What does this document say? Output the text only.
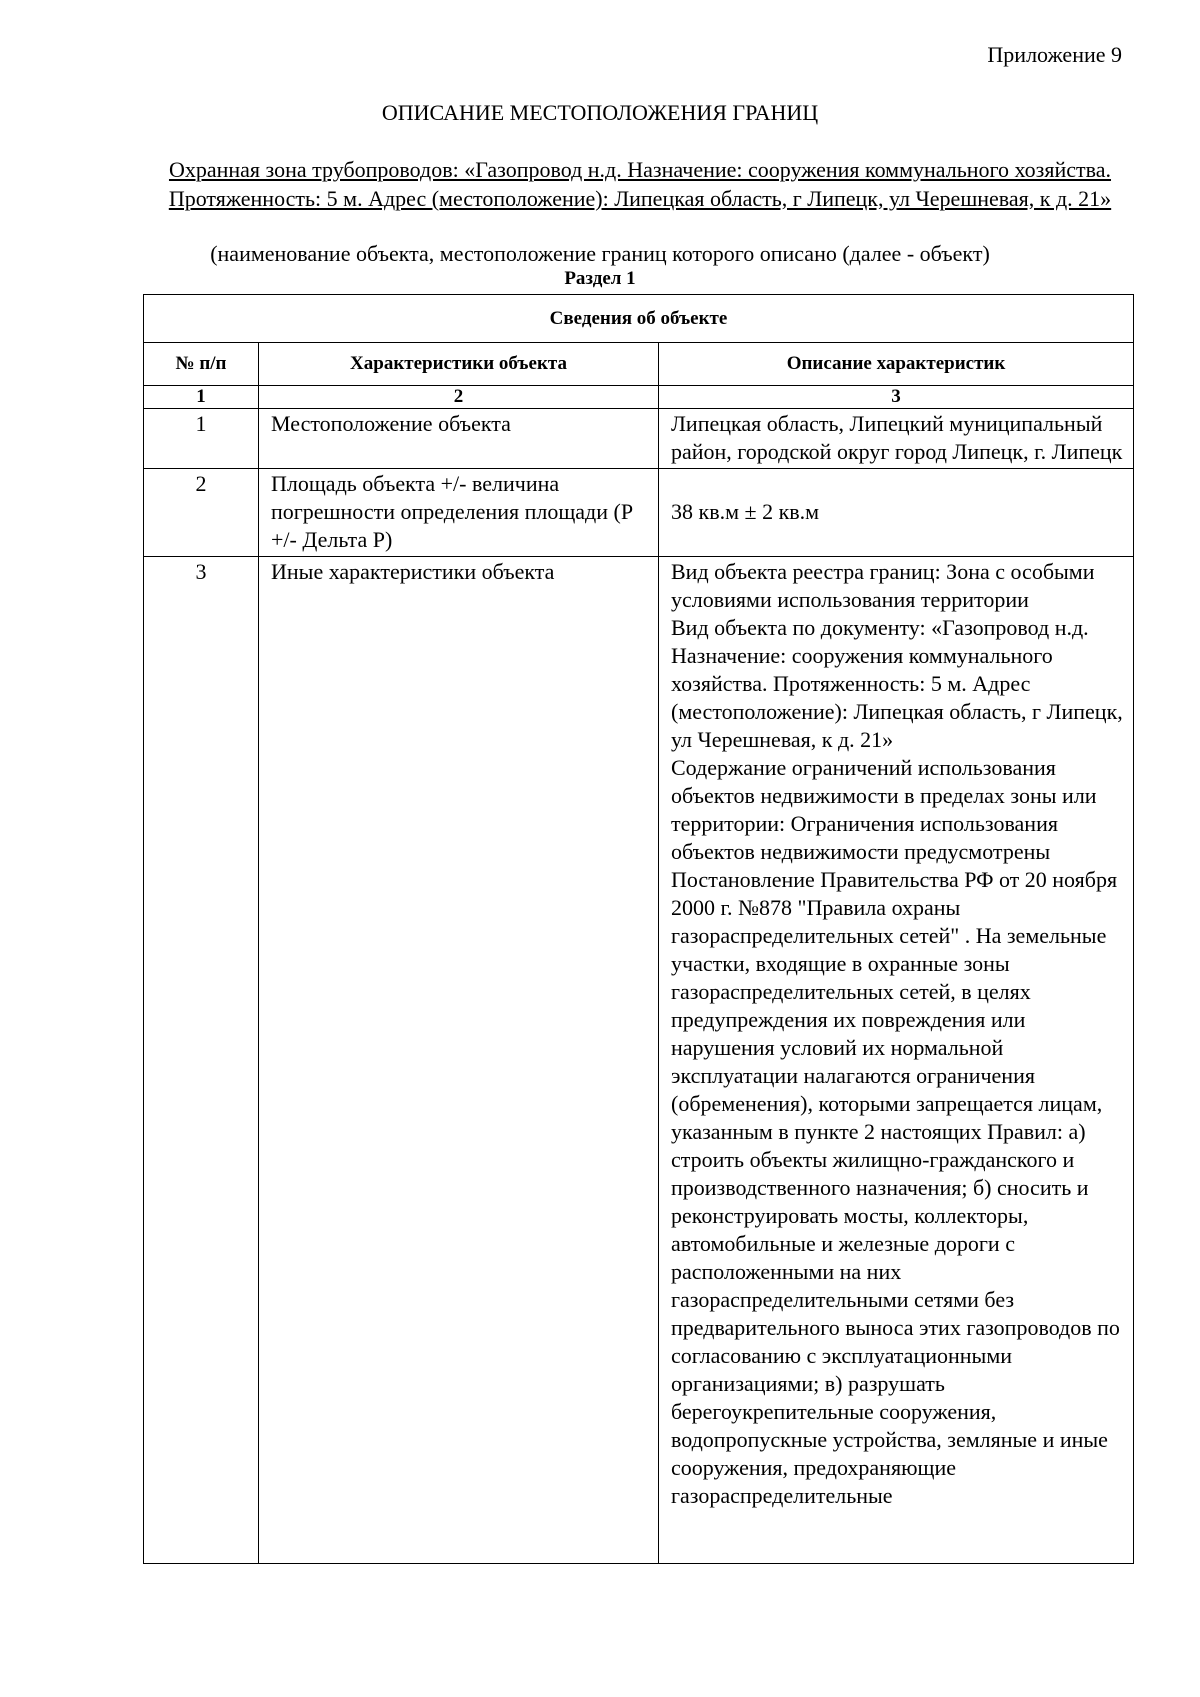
Приложение 9
ОПИСАНИЕ МЕСТОПОЛОЖЕНИЯ ГРАНИЦ
Охранная зона трубопроводов: «Газопровод н.д. Назначение: сооружения коммунального хозяйства. Протяженность: 5 м. Адрес (местоположение): Липецкая область, г Липецк, ул Черешневая, к д. 21»
(наименование объекта, местоположение границ которого описано (далее - объект)
Раздел 1
Сведения об объекте		
№ п/п	Характеристики объекта	Описание характеристик
1	2	3
1	Местоположение объекта	Липецкая область, Липецкий муниципальный район, городской округ город Липецк, г. Липецк
2	Площадь объекта +/- величина погрешности определения площади (Р +/- Дельта Р)	38 кв.м ± 2 кв.м
3	Иные характеристики объекта	Вид объекта реестра границ: Зона с особыми условиями использования территории
Вид объекта по документу: «Газопровод н.д. Назначение: сооружения коммунального хозяйства. Протяженность: 5 м. Адрес (местоположение): Липецкая область, г Липецк, ул Черешневая, к д. 21»
Содержание ограничений использования объектов недвижимости в пределах зоны или территории: Ограничения использования объектов недвижимости предусмотрены Постановление Правительства РФ от 20 ноября 2000 г. №878 "Правила охраны газораспределительных сетей" . На земельные участки, входящие в охранные зоны газораспределительных сетей, в целях предупреждения их повреждения или нарушения условий их нормальной эксплуатации налагаются ограничения (обременения), которыми запрещается лицам, указанным в пункте 2 настоящих Правил: а) строить объекты жилищно-гражданского и производственного назначения; б) сносить и реконструировать мосты, коллекторы, автомобильные и железные дороги с расположенными на них газораспределительными сетями без предварительного выноса этих газопроводов по согласованию с эксплуатационными организациями; в) разрушать берегоукрепительные сооружения, водопропускные устройства, земляные и иные сооружения, предохраняющие газораспределительные
